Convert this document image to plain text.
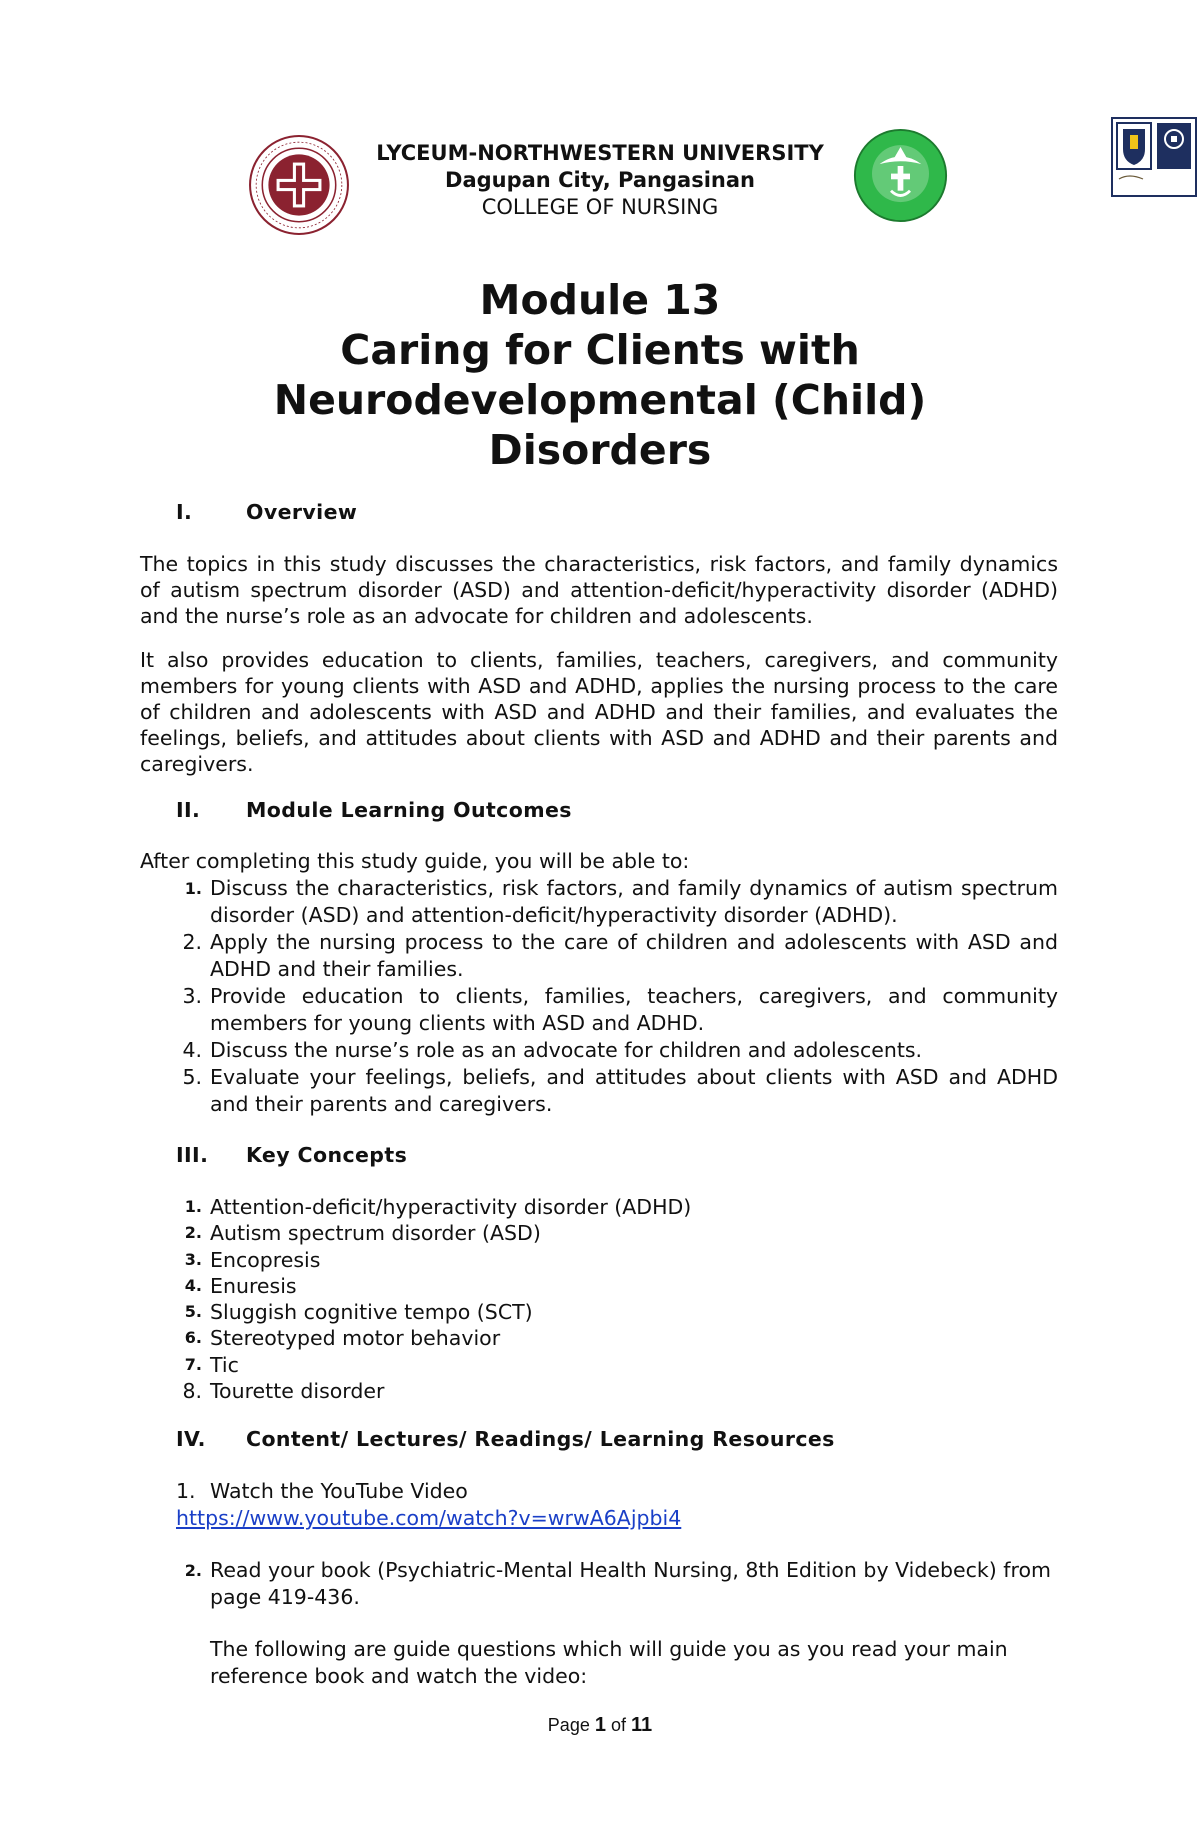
LYCEUM-NORTHWESTERN UNIVERSITY
Dagupan City, Pangasinan
COLLEGE OF NURSING
Module 13
Caring for Clients with
Neurodevelopmental (Child)
Disorders
I.	Overview
The topics in this study discusses the characteristics, risk factors, and family dynamics of autism spectrum disorder (ASD) and attention-deficit/hyperactivity disorder (ADHD) and the nurse’s role as an advocate for children and adolescents.
It also provides education to clients, families, teachers, caregivers, and community members for young clients with ASD and ADHD, applies the nursing process to the care of children and adolescents with ASD and ADHD and their families, and evaluates the feelings, beliefs, and attitudes about clients with ASD and ADHD and their parents and caregivers.
II. Module Learning Outcomes
After completing this study guide, you will be able to:
1. Discuss the characteristics, risk factors, and family dynamics of autism spectrum disorder (ASD) and attention-deficit/hyperactivity disorder (ADHD).
2. Apply the nursing process to the care of children and adolescents with ASD and ADHD and their families.
3. Provide education to clients, families, teachers, caregivers, and community members for young clients with ASD and ADHD.
4. Discuss the nurse’s role as an advocate for children and adolescents.
5. Evaluate your feelings, beliefs, and attitudes about clients with ASD and ADHD and their parents and caregivers.
III. Key Concepts
1. Attention-deficit/hyperactivity disorder (ADHD)
2. Autism spectrum disorder (ASD)
3. Encopresis
4. Enuresis
5. Sluggish cognitive tempo (SCT)
6. Stereotyped motor behavior
7. Tic
8. Tourette disorder
IV. Content/ Lectures/ Readings/ Learning Resources
1. Watch the YouTube Video
https://www.youtube.com/watch?v=wrwA6Ajpbi4
2. Read your book (Psychiatric-Mental Health Nursing, 8th Edition by Videbeck) from page 419-436.
The following are guide questions which will guide you as you read your main reference book and watch the video:
Page 1 of 11
